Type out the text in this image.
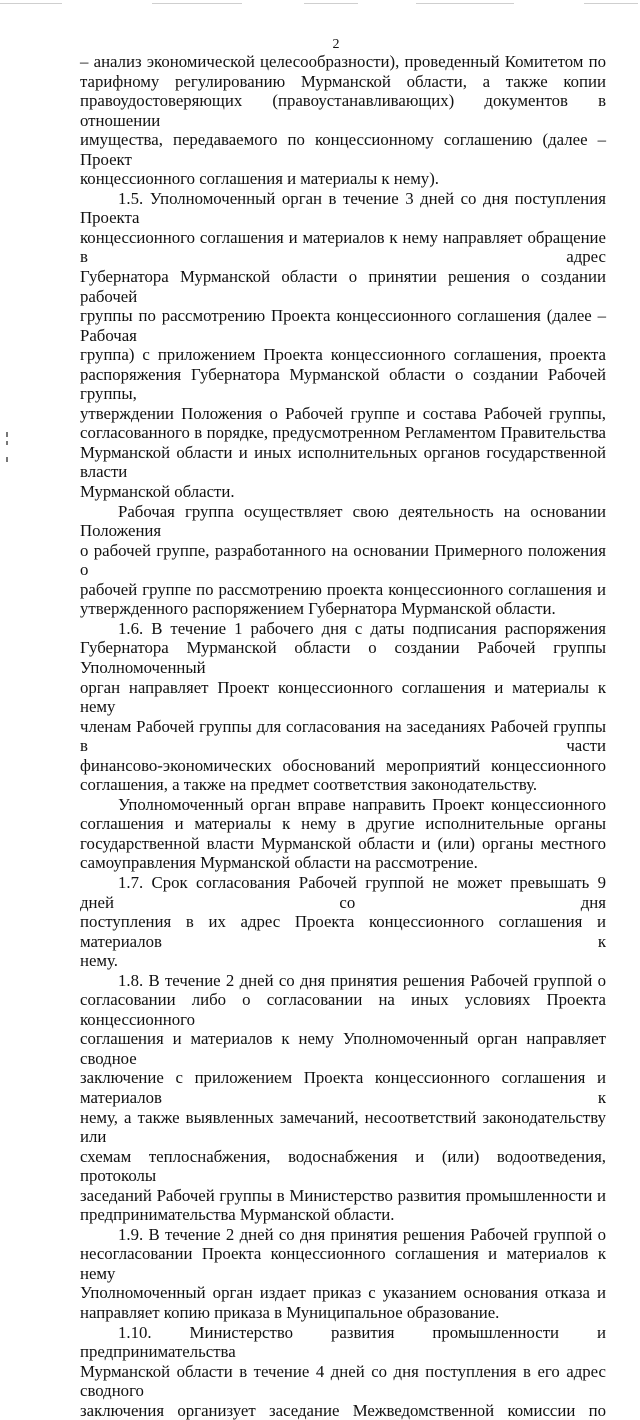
2

– анализ экономической целесообразности), проведенный Комитетом по
тарифному регулированию Мурманской области, а также копии
правоудостоверяющих (правоустанавливающих) документов в отношении
имущества, передаваемого по концессионному соглашению (далее – Проект
концессионного соглашения и материалы к нему).

1.5. Уполномоченный орган в течение 3 дней со дня поступления Проекта
концессионного соглашения и материалов к нему направляет обращение в адрес
Губернатора Мурманской области о принятии решения о создании рабочей
группы по рассмотрению Проекта концессионного соглашения (далее – Рабочая
группа) с приложением Проекта концессионного соглашения, проекта
распоряжения Губернатора Мурманской области о создании Рабочей группы,
утверждении Положения о Рабочей группе и состава Рабочей группы,
согласованного в порядке, предусмотренном Регламентом Правительства
Мурманской области и иных исполнительных органов государственной власти
Мурманской области.

Рабочая группа осуществляет свою деятельность на основании Положения
о рабочей группе, разработанного на основании Примерного положения о
рабочей группе по рассмотрению проекта концессионного соглашения и
утвержденного распоряжением Губернатора Мурманской области.

1.6. В течение 1 рабочего дня с даты подписания распоряжения
Губернатора Мурманской области о создании Рабочей группы Уполномоченный
орган направляет Проект концессионного соглашения и материалы к нему
членам Рабочей группы для согласования на заседаниях Рабочей группы в части
финансово-экономических обоснований мероприятий концессионного
соглашения, а также на предмет соответствия законодательству.

Уполномоченный орган вправе направить Проект концессионного
соглашения и материалы к нему в другие исполнительные органы
государственной власти Мурманской области и (или) органы местного
самоуправления Мурманской области на рассмотрение.

1.7. Срок согласования Рабочей группой не может превышать 9 дней со дня
поступления в их адрес Проекта концессионного соглашения и материалов к
нему.

1.8. В течение 2 дней со дня принятия решения Рабочей группой о
согласовании либо о согласовании на иных условиях Проекта концессионного
соглашения и материалов к нему Уполномоченный орган направляет сводное
заключение с приложением Проекта концессионного соглашения и материалов к
нему, а также выявленных замечаний, несоответствий законодательству или
схемам теплоснабжения, водоснабжения и (или) водоотведения, протоколы
заседаний Рабочей группы в Министерство развития промышленности и
предпринимательства Мурманской области.

1.9. В течение 2 дней со дня принятия решения Рабочей группой о
несогласовании Проекта концессионного соглашения и материалов к нему
Уполномоченный орган издает приказ с указанием основания отказа и
направляет копию приказа в Муниципальное образование.

1.10. Министерство развития промышленности и предпринимательства
Мурманской области в течение 4 дней со дня поступления в его адрес сводного
заключения организует заседание Межведомственной комиссии по
